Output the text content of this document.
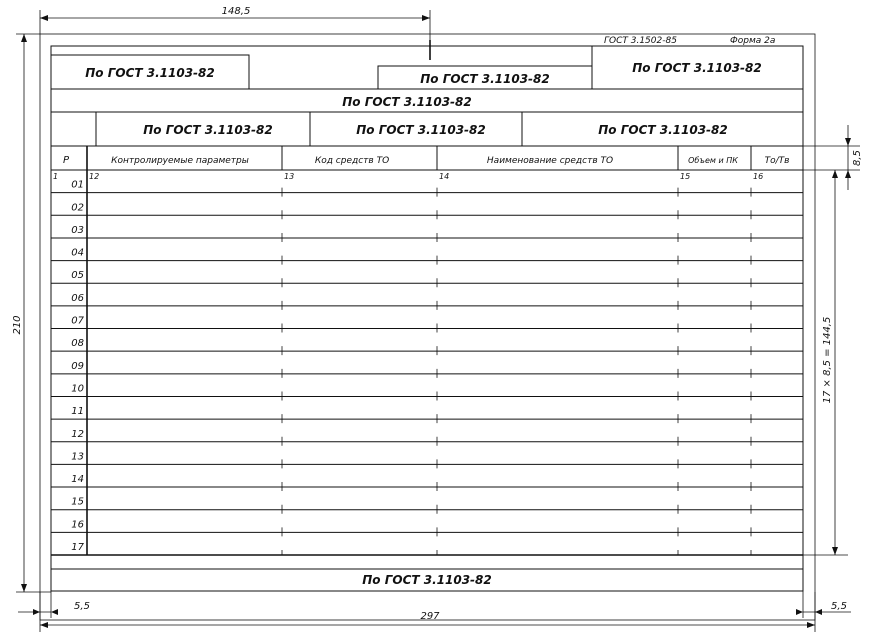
01
02
03
04
05
06
07
08
09
10
11
12
13
14
15
16
17
148,5
210
297
5,5	5,5
8,5
17 × 8,5 = 144,5
ГОСТ 3.1502-85	Форма 2а
По ГОСТ 3.1103-82	По ГОСТ 3.1103-82
По ГОСТ 3.1103-82
По ГОСТ 3.1103-82
По ГОСТ 3.1103-82	По ГОСТ 3.1103-82	По ГОСТ 3.1103-82
Р	Контролируемые параметры	Код средств ТО	Наименование средств ТО	Объем и ПК	То/Тв
1	12	13	14	15	16
По ГОСТ 3.1103-82
